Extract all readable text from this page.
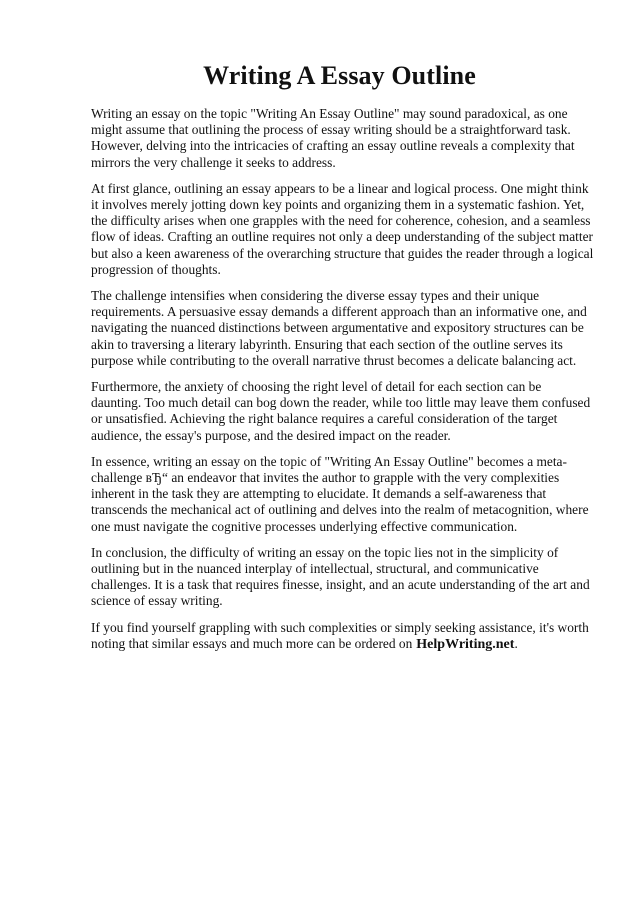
Writing A Essay Outline

Writing an essay on the topic "Writing An Essay Outline" may sound paradoxical, as one might assume that outlining the process of essay writing should be a straightforward task. However, delving into the intricacies of crafting an essay outline reveals a complexity that mirrors the very challenge it seeks to address.

At first glance, outlining an essay appears to be a linear and logical process. One might think it involves merely jotting down key points and organizing them in a systematic fashion. Yet, the difficulty arises when one grapples with the need for coherence, cohesion, and a seamless flow of ideas. Crafting an outline requires not only a deep understanding of the subject matter but also a keen awareness of the overarching structure that guides the reader through a logical progression of thoughts.

The challenge intensifies when considering the diverse essay types and their unique requirements. A persuasive essay demands a different approach than an informative one, and navigating the nuanced distinctions between argumentative and expository structures can be akin to traversing a literary labyrinth. Ensuring that each section of the outline serves its purpose while contributing to the overall narrative thrust becomes a delicate balancing act.

Furthermore, the anxiety of choosing the right level of detail for each section can be daunting. Too much detail can bog down the reader, while too little may leave them confused or unsatisfied. Achieving the right balance requires a careful consideration of the target audience, the essay's purpose, and the desired impact on the reader.

In essence, writing an essay on the topic of "Writing An Essay Outline" becomes a meta-challenge вЂ“ an endeavor that invites the author to grapple with the very complexities inherent in the task they are attempting to elucidate. It demands a self-awareness that transcends the mechanical act of outlining and delves into the realm of metacognition, where one must navigate the cognitive processes underlying effective communication.

In conclusion, the difficulty of writing an essay on the topic lies not in the simplicity of outlining but in the nuanced interplay of intellectual, structural, and communicative challenges. It is a task that requires finesse, insight, and an acute understanding of the art and science of essay writing.

If you find yourself grappling with such complexities or simply seeking assistance, it's worth noting that similar essays and much more can be ordered on HelpWriting.net.
